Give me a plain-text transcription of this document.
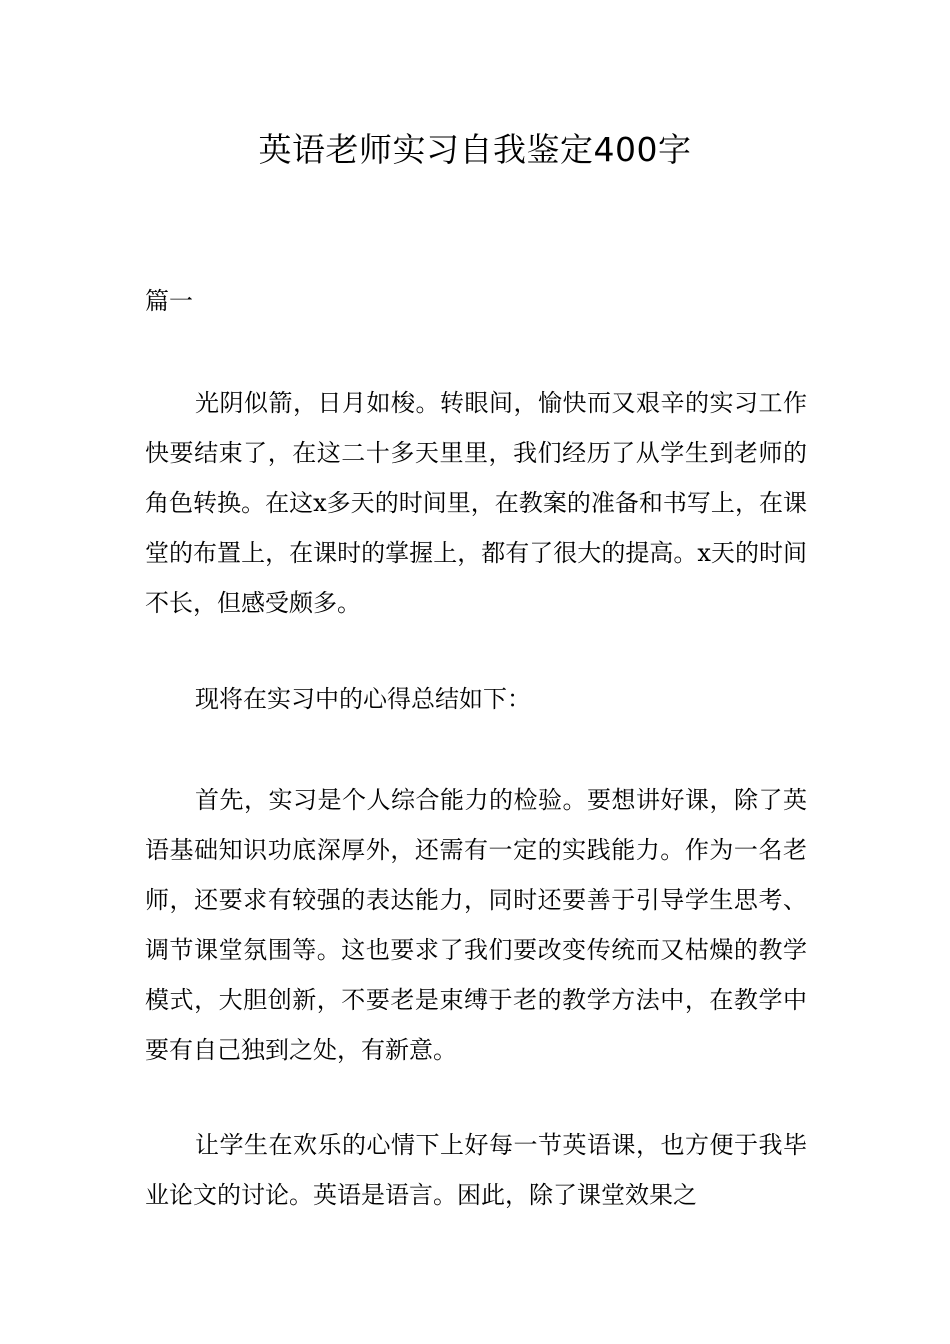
英语老师实习自我鉴定400字
篇一

光阴似箭，日月如梭。转眼间，愉快而又艰辛的实习工作快要结束了，在这二十多天里里，我们经历了从学生到老师的角色转换。在这x多天的时间里，在教案的准备和书写上，在课堂的布置上，在课时的掌握上，都有了很大的提高。x天的时间不长，但感受颇多。

现将在实习中的心得总结如下：

首先，实习是个人综合能力的检验。要想讲好课，除了英语基础知识功底深厚外，还需有一定的实践能力。作为一名老师，还要求有较强的表达能力，同时还要善于引导学生思考、调节课堂氛围等。这也要求了我们要改变传统而又枯燥的教学模式，大胆创新，不要老是束缚于老的教学方法中，在教学中要有自己独到之处，有新意。

让学生在欢乐的心情下上好每一节英语课，也方便于我毕业论文的讨论。英语是语言。困此，除了课堂效果之
